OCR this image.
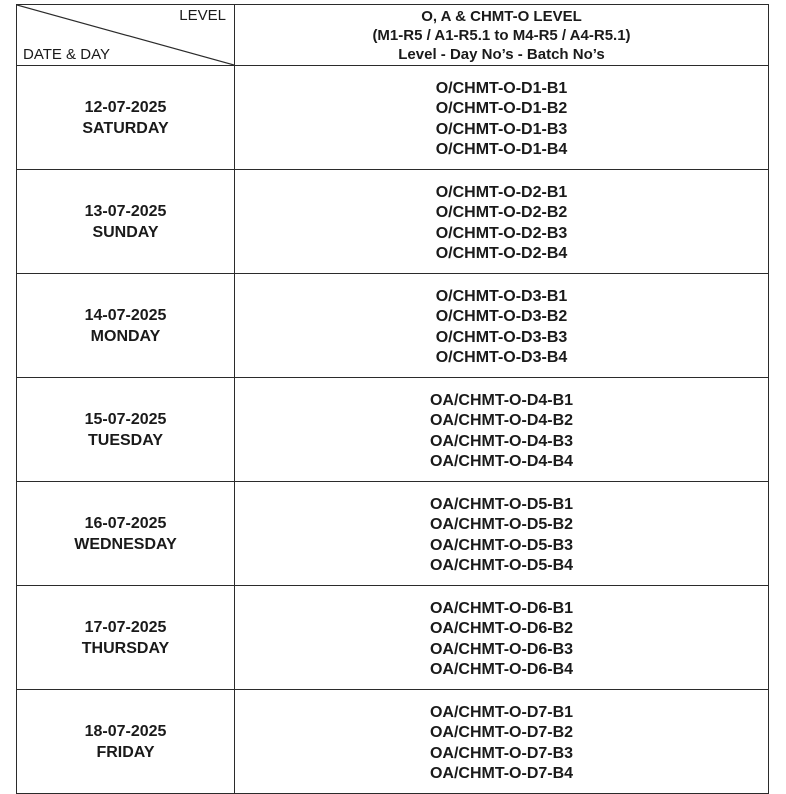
LEVEL
DATE & DAY	O, A & CHMT-O LEVEL
(M1-R5 / A1-R5.1 to M4-R5 / A4-R5.1)
Level - Day No’s - Batch No’s

12-07-2025
SATURDAY	O/CHMT-O-D1-B1
O/CHMT-O-D1-B2
O/CHMT-O-D1-B3
O/CHMT-O-D1-B4

13-07-2025
SUNDAY	O/CHMT-O-D2-B1
O/CHMT-O-D2-B2
O/CHMT-O-D2-B3
O/CHMT-O-D2-B4

14-07-2025
MONDAY	O/CHMT-O-D3-B1
O/CHMT-O-D3-B2
O/CHMT-O-D3-B3
O/CHMT-O-D3-B4

15-07-2025
TUESDAY	OA/CHMT-O-D4-B1
OA/CHMT-O-D4-B2
OA/CHMT-O-D4-B3
OA/CHMT-O-D4-B4

16-07-2025
WEDNESDAY	OA/CHMT-O-D5-B1
OA/CHMT-O-D5-B2
OA/CHMT-O-D5-B3
OA/CHMT-O-D5-B4

17-07-2025
THURSDAY	OA/CHMT-O-D6-B1
OA/CHMT-O-D6-B2
OA/CHMT-O-D6-B3
OA/CHMT-O-D6-B4

18-07-2025
FRIDAY	OA/CHMT-O-D7-B1
OA/CHMT-O-D7-B2
OA/CHMT-O-D7-B3
OA/CHMT-O-D7-B4
